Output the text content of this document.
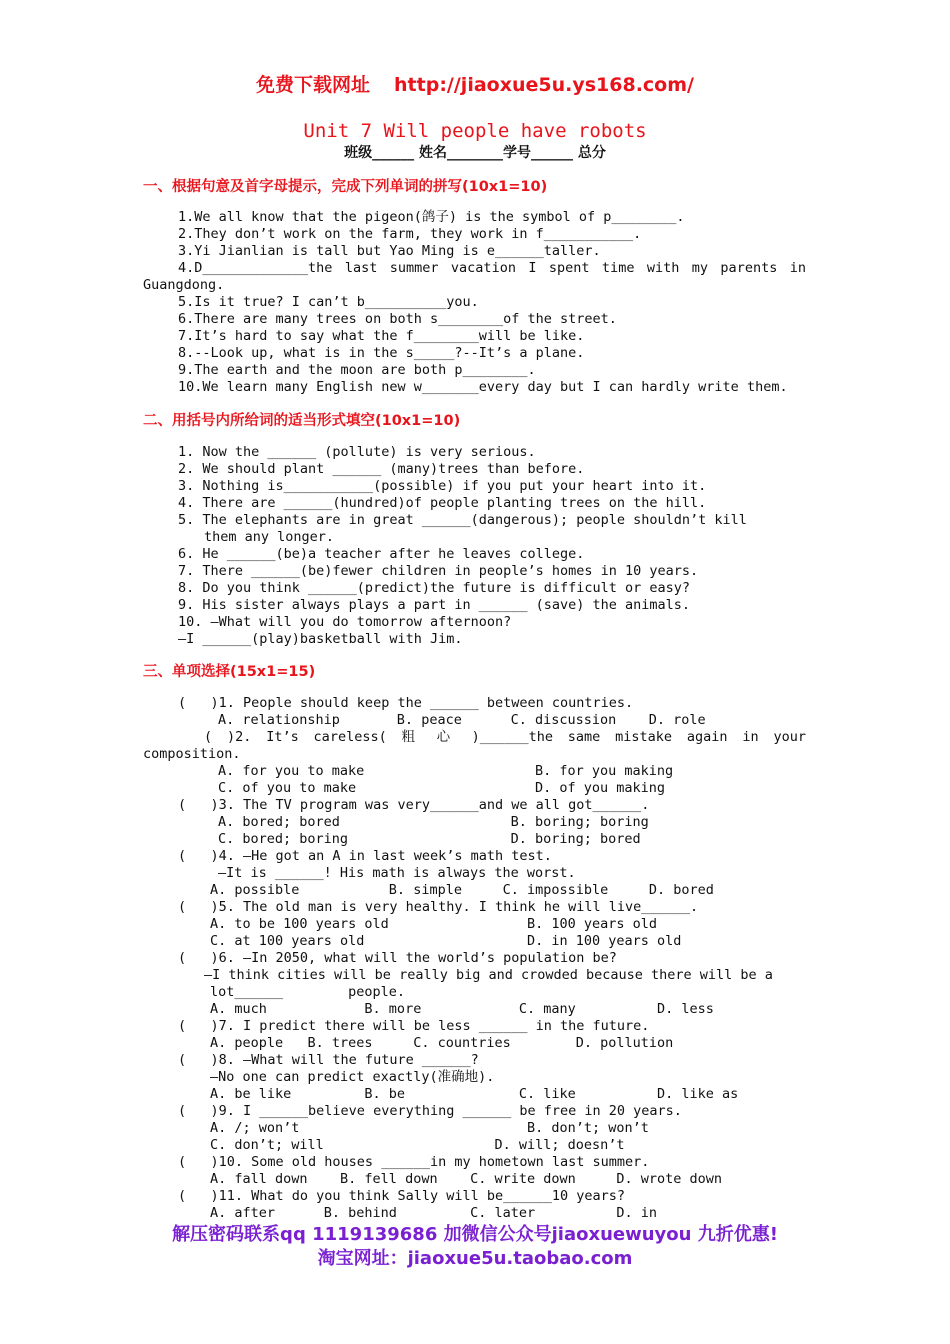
免费下载网址 http://jiaoxue5u.ys168.com/
Unit 7 Will people have robots
班级______ 姓名________学号______ 总分
一、根据句意及首字母提示，完成下列单词的拼写(10x1=10)
1.We all know that the pigeon(鸽子) is the symbol of p________.
2.They don’t work on the farm, they work in f___________.
3.Yi Jianlian is tall but Yao Ming is e______taller.
4.D_____________the last summer vacation I spent time with my parents in
Guangdong.
5.Is it true? I can’t b__________you.
6.There are many trees on both s________of the street.
7.It’s hard to say what the f________will be like.
8.--Look up, what is in the s_____?--It’s a plane.
9.The earth and the moon are both p________.
10.We learn many English new w_______every day but I can hardly write them.
二、用括号内所给词的适当形式填空(10x1=10)
1. Now the ______ (pollute) is very serious.
2. We should plant ______ (many)trees than before.
3. Nothing is___________(possible) if you put your heart into it.
4. There are ______(hundred)of people planting trees on the hill.
5. The elephants are in great ______(dangerous); people shouldn’t kill
them any longer.
6. He ______(be)a teacher after he leaves college.
7. There ______(be)fewer children in people’s homes in 10 years.
8. Do you think ______(predict)the future is difficult or easy?
9. His sister always plays a part in ______ (save) the animals.
10. —What will you do tomorrow afternoon?
—I ______(play)basketball with Jim.
三、单项选择(15x1=15)
(   )1. People should keep the ______ between countries.
A. relationship       B. peace      C. discussion    D. role
( )2. It’s careless( 粗 心 )______the same mistake again in your
composition.
A. for you to make                     B. for you making
C. of you to make                      D. of you making
(   )3. The TV program was very______and we all got______.
A. bored; bored                     B. boring; boring
C. bored; boring                    D. boring; bored
(   )4. —He got an A in last week’s math test.
—It is ______! His math is always the worst.
A. possible           B. simple     C. impossible     D. bored
(   )5. The old man is very healthy. I think he will live______.
A. to be 100 years old                 B. 100 years old
C. at 100 years old                    D. in 100 years old
(   )6. —In 2050, what will the world’s population be?
—I think cities will be really big and crowded because there will be a
lot______        people.
A. much            B. more            C. many          D. less
(   )7. I predict there will be less ______ in the future.
A. people   B. trees     C. countries        D. pollution
(   )8. —What will the future ______?
—No one can predict exactly(准确地).
A. be like         B. be              C. like          D. like as
(   )9. I ______believe everything ______ be free in 20 years.
A. /; won’t                            B. don’t; won’t
C. don’t; will                     D. will; doesn’t
(   )10. Some old houses ______in my hometown last summer.
A. fall down    B. fell down    C. write down     D. wrote down
(   )11. What do you think Sally will be______10 years?
A. after      B. behind         C. later          D. in
解压密码联系qq 1119139686 加微信公众号jiaoxuewuyou 九折优惠!
淘宝网址：jiaoxue5u.taobao.com
